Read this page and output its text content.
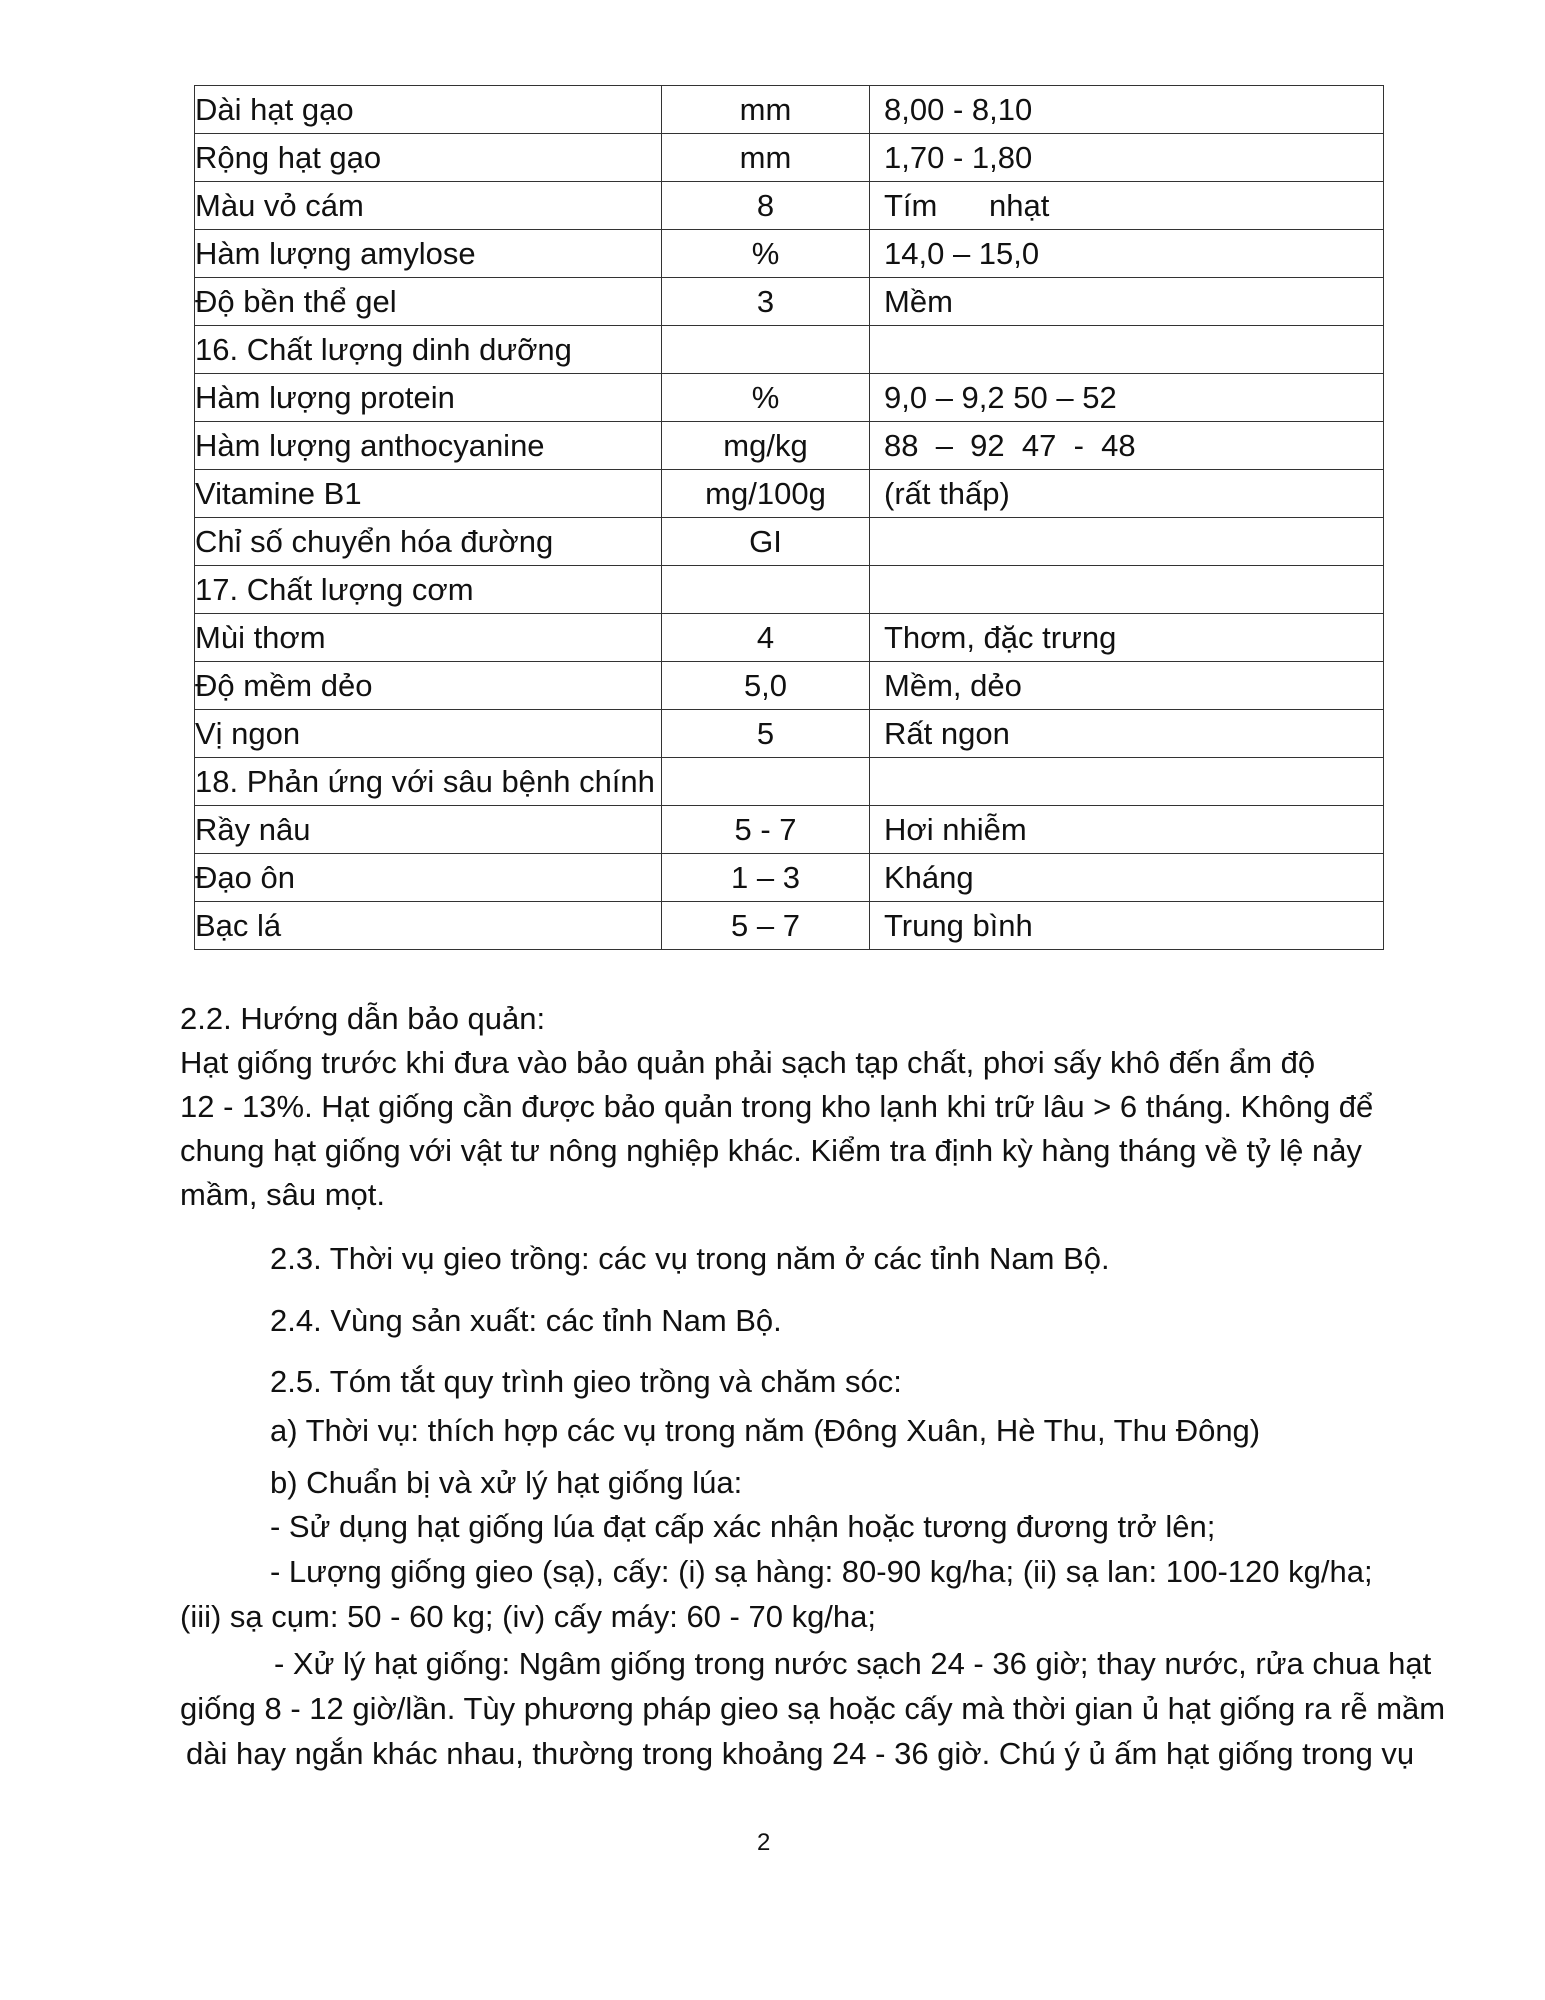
Dài hạt gạo	mm	8,00 - 8,10
Rộng hạt gạo	mm	1,70 - 1,80
Màu vỏ cám	8	Tím      nhạt
Hàm lượng amylose	%	14,0 – 15,0
Độ bền thể gel	3	Mềm
16. Chất lượng dinh dưỡng		
Hàm lượng protein	%	9,0 – 9,2 50 – 52
Hàm lượng anthocyanine	mg/kg	88  –  92  47  -  48
Vitamine B1	mg/100g	(rất thấp)
Chỉ số chuyển hóa đường	GI	
17. Chất lượng cơm		
Mùi thơm	4	Thơm, đặc trưng
Độ mềm dẻo	5,0	Mềm, dẻo
Vị ngon	5	Rất ngon
18. Phản ứng với sâu bệnh chính		
Rầy nâu	5 - 7	Hơi nhiễm
Đạo ôn	1 – 3	Kháng
Bạc lá	5 – 7	Trung bình
2.2. Hướng dẫn bảo quản:
Hạt giống trước khi đưa vào bảo quản phải sạch tạp chất, phơi sấy khô đến ẩm độ
12 - 13%. Hạt giống cần được bảo quản trong kho lạnh khi trữ lâu > 6 tháng. Không để
chung hạt giống với vật tư nông nghiệp khác. Kiểm tra định kỳ hàng tháng về tỷ lệ nảy
mầm, sâu mọt.
2.3. Thời vụ gieo trồng: các vụ trong năm ở các tỉnh Nam Bộ.
2.4. Vùng sản xuất: các tỉnh Nam Bộ.
2.5. Tóm tắt quy trình gieo trồng và chăm sóc:
a) Thời vụ: thích hợp các vụ trong năm (Đông Xuân, Hè Thu, Thu Đông)
b) Chuẩn bị và xử lý hạt giống lúa:
- Sử dụng hạt giống lúa đạt cấp xác nhận hoặc tương đương trở lên;
- Lượng giống gieo (sạ), cấy: (i) sạ hàng: 80-90 kg/ha; (ii) sạ lan: 100-120 kg/ha;
(iii) sạ cụm: 50 - 60 kg; (iv) cấy máy: 60 - 70 kg/ha;
- Xử lý hạt giống: Ngâm giống trong nước sạch 24 - 36 giờ; thay nước, rửa chua hạt
giống 8 - 12 giờ/lần. Tùy phương pháp gieo sạ hoặc cấy mà thời gian ủ hạt giống ra rễ mầm
dài hay ngắn khác nhau, thường trong khoảng 24 - 36 giờ. Chú ý ủ ấm hạt giống trong vụ
2
